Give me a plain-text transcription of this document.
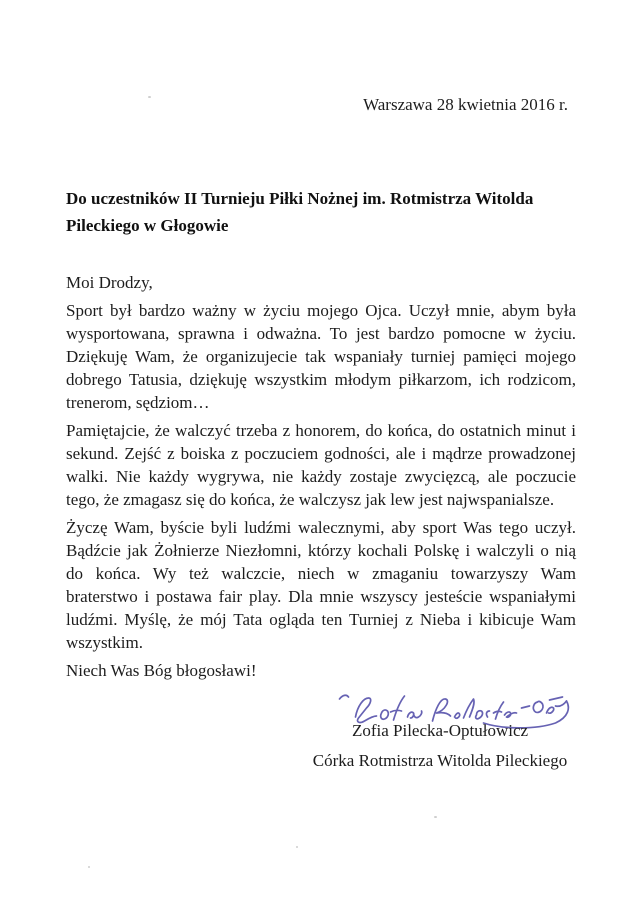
Warszawa 28 kwietnia 2016 r.
Do uczestników II Turnieju Piłki Nożnej im. Rotmistrza Witolda Pileckiego w Głogowie
Moi Drodzy,

Sport był bardzo ważny w życiu mojego Ojca. Uczył mnie, abym była wysportowana, sprawna i odważna. To jest bardzo pomocne w życiu. Dziękuję Wam, że organizujecie tak wspaniały turniej pamięci mojego dobrego Tatusia, dziękuję wszystkim młodym piłkarzom, ich rodzicom, trenerom, sędziom…

Pamiętajcie, że walczyć trzeba z honorem, do końca, do ostatnich minut i sekund. Zejść z boiska z poczuciem godności, ale i mądrze prowadzonej walki. Nie każdy wygrywa, nie każdy zostaje zwycięzcą, ale poczucie tego, że zmagasz się do końca, że walczysz jak lew jest najwspanialsze.

Życzę Wam, byście byli ludźmi walecznymi, aby sport Was tego uczył. Bądźcie jak Żołnierze Niezłomni, którzy kochali Polskę i walczyli o nią do końca. Wy też walczcie, niech w zmaganiu towarzyszy Wam braterstwo i postawa fair play. Dla mnie wszyscy jesteście wspaniałymi ludźmi. Myślę, że mój Tata ogląda ten Turniej z Nieba i kibicuje Wam wszystkim.

Niech Was Bóg błogosławi!
Zofia Pilecka-Optułowicz
Córka Rotmistrza Witolda Pileckiego
